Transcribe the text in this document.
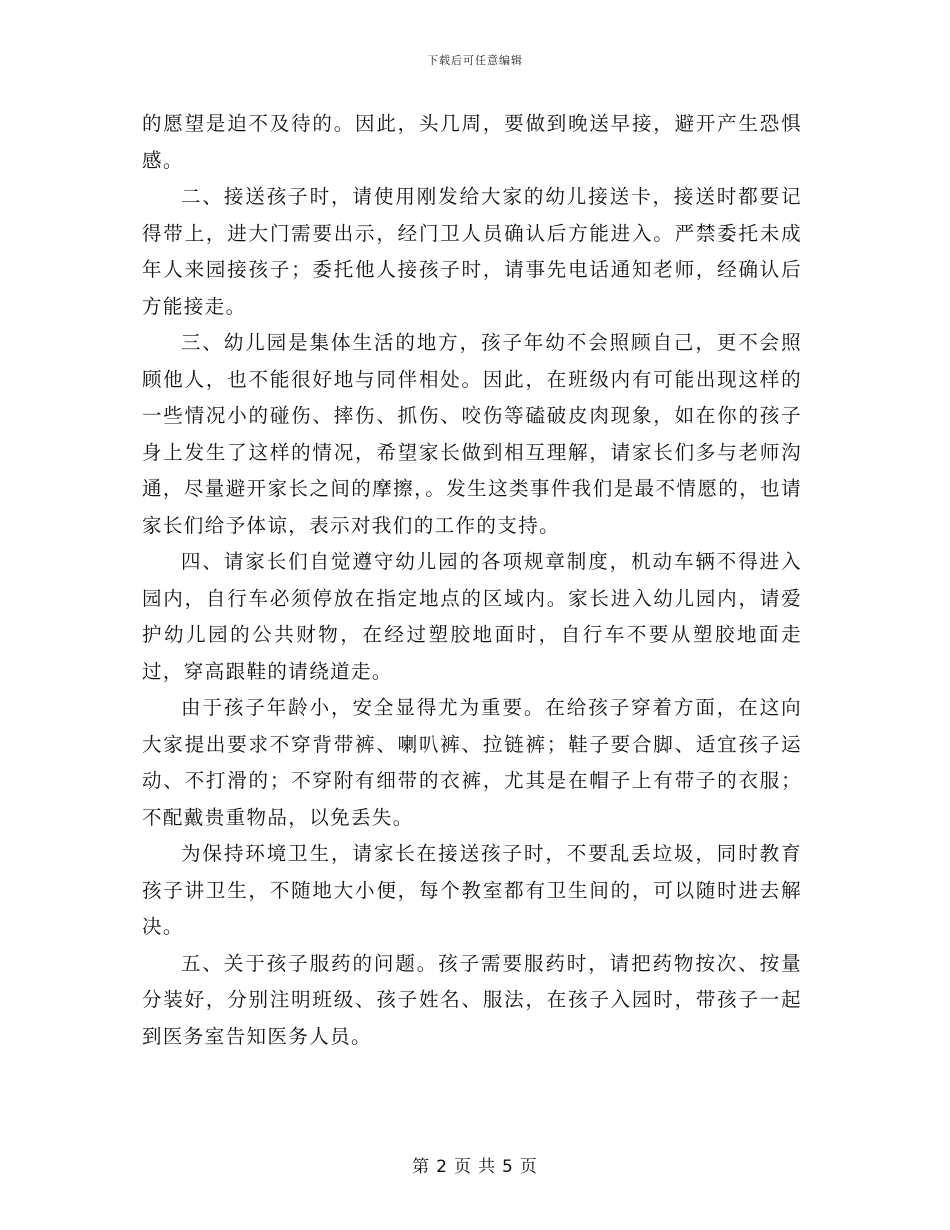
下载后可任意编辑

的愿望是迫不及待的。因此，头几周，要做到晚送早接，避开产生恐惧感。

二、接送孩子时，请使用刚发给大家的幼儿接送卡，接送时都要记得带上，进大门需要出示，经门卫人员确认后方能进入。严禁委托未成年人来园接孩子；委托他人接孩子时，请事先电话通知老师，经确认后方能接走。

三、幼儿园是集体生活的地方，孩子年幼不会照顾自己，更不会照顾他人，也不能很好地与同伴相处。因此，在班级内有可能出现这样的一些情况小的碰伤、摔伤、抓伤、咬伤等磕破皮肉现象，如在你的孩子身上发生了这样的情况，希望家长做到相互理解，请家长们多与老师沟通，尽量避开家长之间的摩擦，。发生这类事件我们是最不情愿的，也请家长们给予体谅，表示对我们的工作的支持。

四、请家长们自觉遵守幼儿园的各项规章制度，机动车辆不得进入园内，自行车必须停放在指定地点的区域内。家长进入幼儿园内，请爱护幼儿园的公共财物，在经过塑胶地面时，自行车不要从塑胶地面走过，穿高跟鞋的请绕道走。

由于孩子年龄小，安全显得尤为重要。在给孩子穿着方面，在这向大家提出要求不穿背带裤、喇叭裤、拉链裤；鞋子要合脚、适宜孩子运动、不打滑的；不穿附有细带的衣裤，尤其是在帽子上有带子的衣服；不配戴贵重物品，以免丢失。

为保持环境卫生，请家长在接送孩子时，不要乱丢垃圾，同时教育孩子讲卫生，不随地大小便，每个教室都有卫生间的，可以随时进去解决。

五、关于孩子服药的问题。孩子需要服药时，请把药物按次、按量分装好，分别注明班级、孩子姓名、服法，在孩子入园时，带孩子一起到医务室告知医务人员。

第 2 页 共 5 页
